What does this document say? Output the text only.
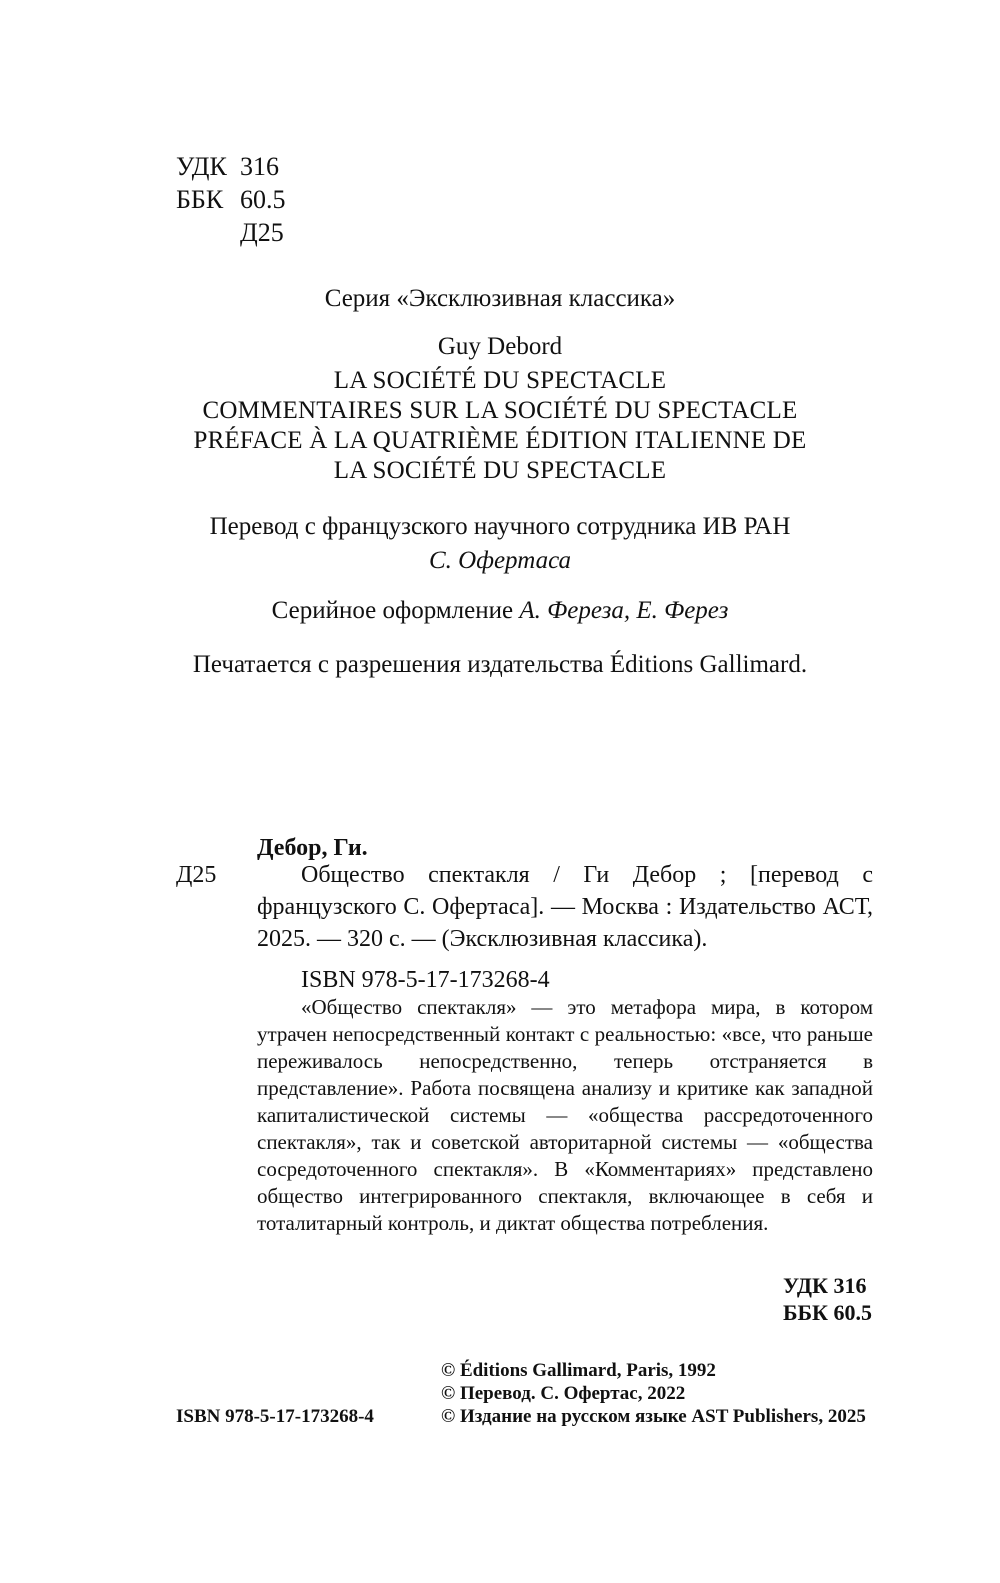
УДК 316
ББК 60.5
Д25
Серия «Эксклюзивная классика»
Guy Debord
LA SOCIÉTÉ DU SPECTACLE
COMMENTAIRES SUR LA SOCIÉTÉ DU SPECTACLE
PRÉFACE À LA QUATRIÈME ÉDITION ITALIENNE DE
LA SOCIÉTÉ DU SPECTACLE
Перевод с французского научного сотрудника ИВ РАН
С. Офертаса
Серийное оформление А. Фереза, Е. Ферез
Печатается с разрешения издательства Éditions Gallimard.
Дебор, Ги.
Д25	Общество спектакля / Ги Дебор ; [перевод с французского С. Офертаса]. — Москва : Издательство АСТ, 2025. — 320 с. — (Эксклюзивная классика).
ISBN 978-5-17-173268-4
«Общество спектакля» — это метафора мира, в котором утрачен непосредственный контакт с реальностью: «все, что раньше переживалось непосредственно, теперь отстраняется в представление». Работа посвящена анализу и критике как западной капиталистической системы — «общества рассредоточенного спектакля», так и советской авторитарной системы — «общества сосредоточенного спектакля». В «Комментариях» представлено общество интегрированного спектакля, включающее в себя и тоталитарный контроль, и диктат общества потребления.
УДК 316
ББК 60.5
© Éditions Gallimard, Paris, 1992
© Перевод. С. Офертас, 2022
© Издание на русском языке AST Publishers, 2025
ISBN 978-5-17-173268-4
